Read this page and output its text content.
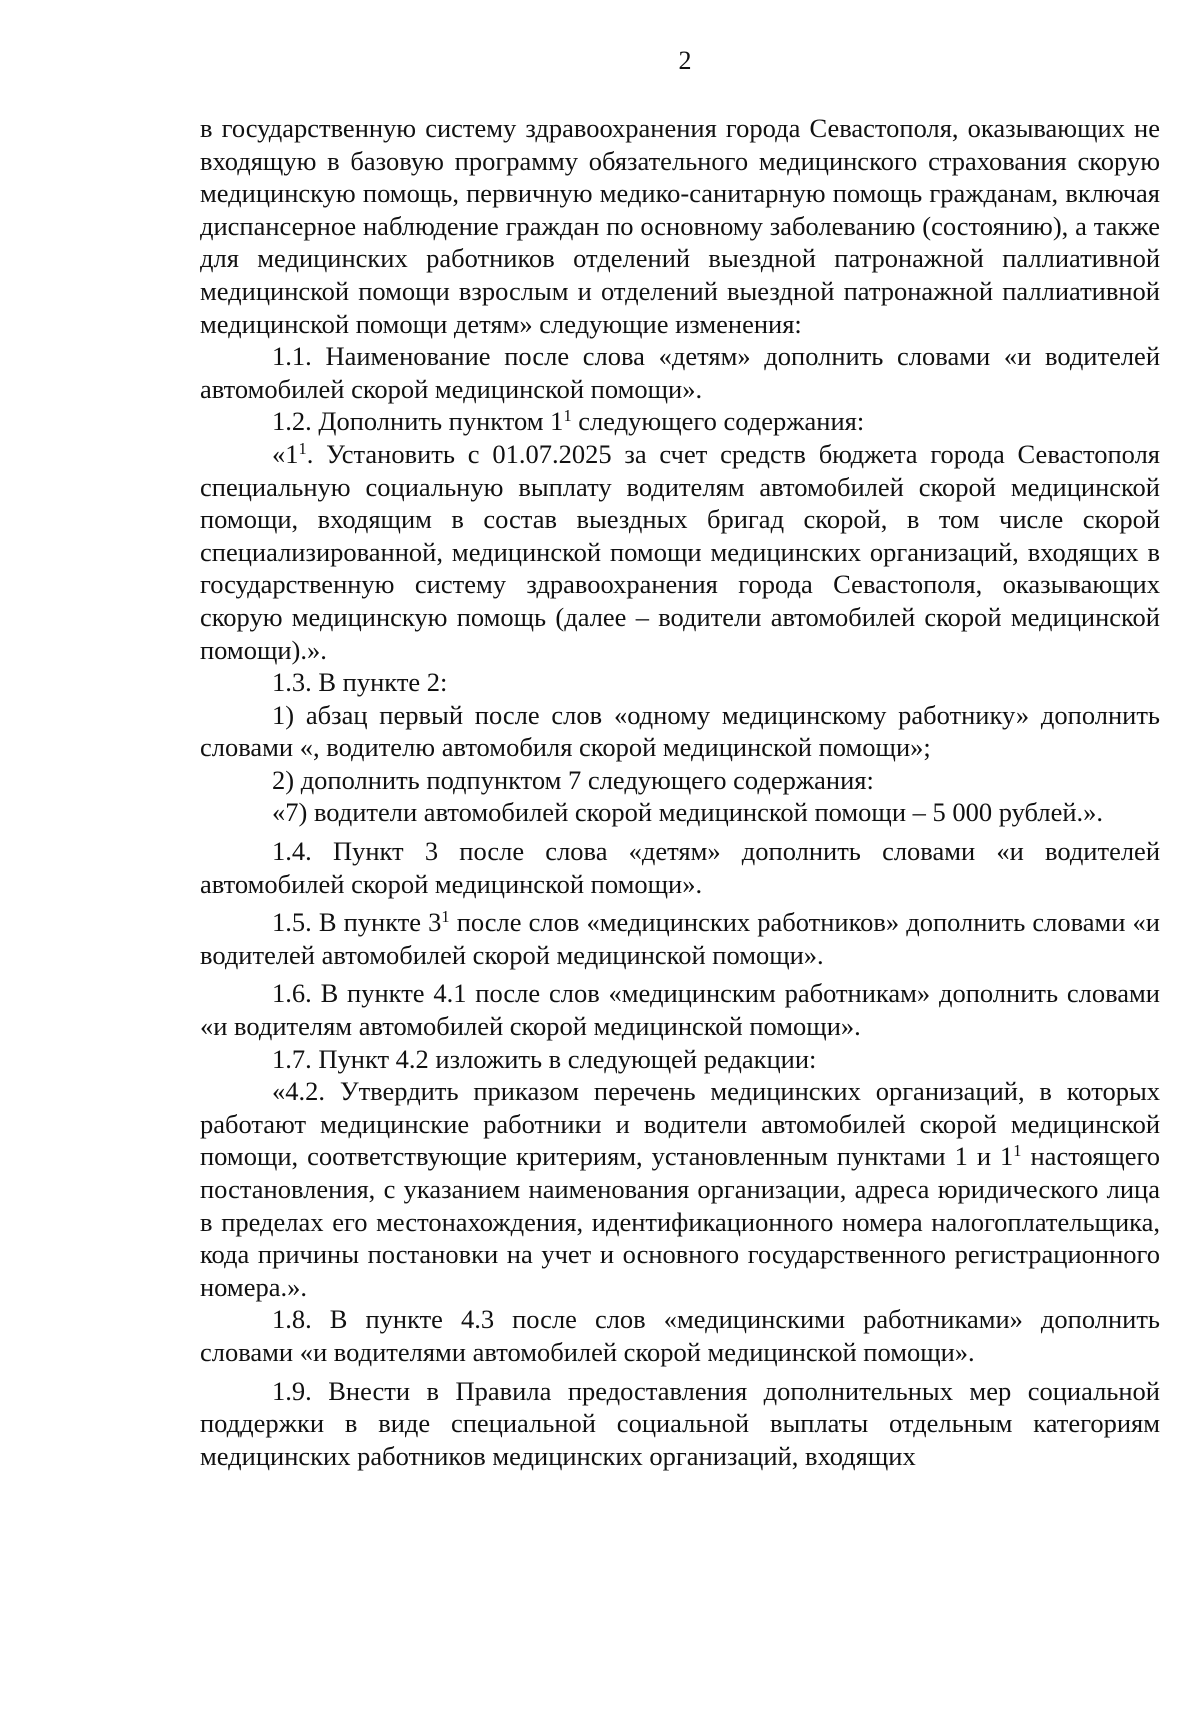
2

в государственную систему здравоохранения города Севастополя, оказывающих не входящую в базовую программу обязательного медицинского страхования скорую медицинскую помощь, первичную медико-санитарную помощь гражданам, включая диспансерное наблюдение граждан по основному заболеванию (состоянию), а также для медицинских работников отделений выездной патронажной паллиативной медицинской помощи взрослым и отделений выездной патронажной паллиативной медицинской помощи детям» следующие изменения:

1.1. Наименование после слова «детям» дополнить словами «и водителей автомобилей скорой медицинской помощи».

1.2. Дополнить пунктом $1^1$ следующего содержания:

«$1^1$. Установить с 01.07.2025 за счет средств бюджета города Севастополя специальную социальную выплату водителям автомобилей скорой медицинской помощи, входящим в состав выездных бригад скорой, в том числе скорой специализированной, медицинской помощи медицинских организаций, входящих в государственную систему здравоохранения города Севастополя, оказывающих скорую медицинскую помощь (далее – водители автомобилей скорой медицинской помощи).».

1.3. В пункте 2:

1) абзац первый после слов «одному медицинскому работнику» дополнить словами «, водителю автомобиля скорой медицинской помощи»;

2) дополнить подпунктом 7 следующего содержания:

«7) водители автомобилей скорой медицинской помощи – 5 000 рублей.».

1.4. Пункт 3 после слова «детям» дополнить словами «и водителей автомобилей скорой медицинской помощи».

1.5. В пункте $3^1$ после слов «медицинских работников» дополнить словами «и водителей автомобилей скорой медицинской помощи».

1.6. В пункте 4.1 после слов «медицинским работникам» дополнить словами «и водителям автомобилей скорой медицинской помощи».

1.7. Пункт 4.2 изложить в следующей редакции:

«4.2. Утвердить приказом перечень медицинских организаций, в которых работают медицинские работники и водители автомобилей скорой медицинской помощи, соответствующие критериям, установленным пунктами 1 и $1^1$ настоящего постановления, с указанием наименования организации, адреса юридического лица в пределах его местонахождения, идентификационного номера налогоплательщика, кода причины постановки на учет и основного государственного регистрационного номера.».

1.8. В пункте 4.3 после слов «медицинскими работниками» дополнить словами «и водителями автомобилей скорой медицинской помощи».

1.9. Внести в Правила предоставления дополнительных мер социальной поддержки в виде специальной социальной выплаты отдельным категориям медицинских работников медицинских организаций, входящих
